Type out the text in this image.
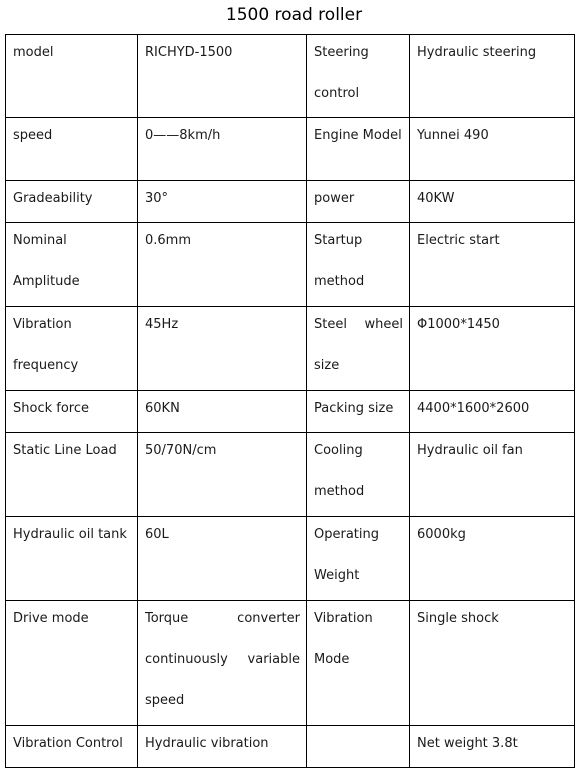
1500 road roller
model	RICHYD-1500	Steering control	Hydraulic steering

speed	0——8km/h	Engine Model	Yunnei 490

Gradeability	30°	power	40KW

Nominal Amplitude	0.6mm	Startup method	Electric start

Vibration frequency	45Hz	Steel wheel size	Φ1000*1450

Shock force	60KN	Packing size	4400*1600*2600

Static Line Load	50/70N/cm	Cooling method	Hydraulic oil fan

Hydraulic oil tank	60L	Operating Weight	6000kg

Drive mode	Torque converter continuously variable speed	Vibration Mode	Single shock

Vibration Control	Hydraulic vibration		Net weight 3.8t
